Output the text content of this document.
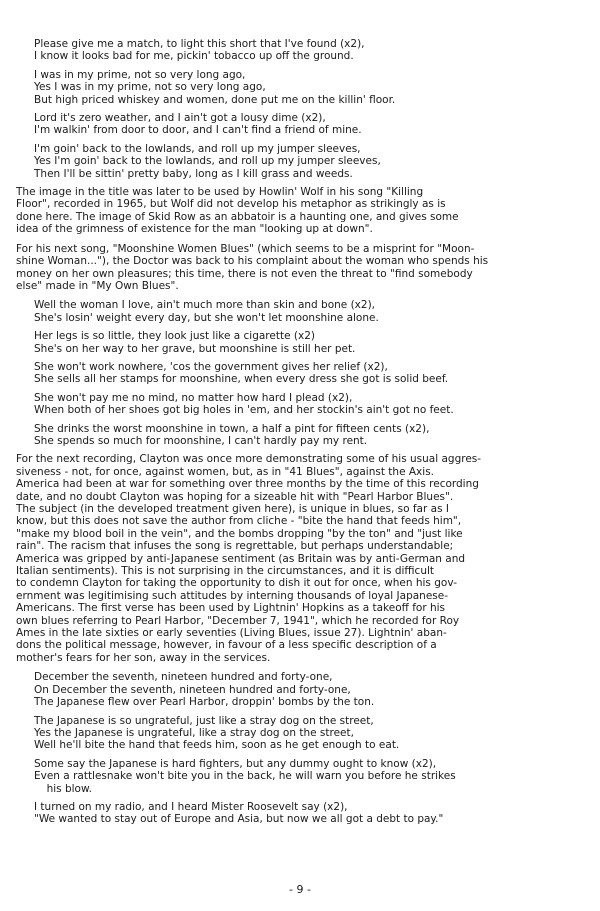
Please give me a match, to light this short that I've found (x2),
I know it looks bad for me, pickin' tobacco up off the ground.
I was in my prime, not so very long ago,
Yes I was in my prime, not so very long ago,
But high priced whiskey and women, done put me on the killin' floor.
Lord it's zero weather, and I ain't got a lousy dime (x2),
I'm walkin' from door to door, and I can't find a friend of mine.
I'm goin' back to the lowlands, and roll up my jumper sleeves,
Yes I'm goin' back to the lowlands, and roll up my jumper sleeves,
Then I'll be sittin' pretty baby, long as I kill grass and weeds.
The image in the title was later to be used by Howlin' Wolf in his song "Killing
Floor", recorded in 1965, but Wolf did not develop his metaphor as strikingly as is
done here. The image of Skid Row as an abbatoir is a haunting one, and gives some
idea of the grimness of existence for the man "looking up at down".
For his next song, "Moonshine Women Blues" (which seems to be a misprint for "Moon-
shine Woman..."), the Doctor was back to his complaint about the woman who spends his
money on her own pleasures; this time, there is not even the threat to "find somebody
else" made in "My Own Blues".
Well the woman I love, ain't much more than skin and bone (x2),
She's losin' weight every day, but she won't let moonshine alone.
Her legs is so little, they look just like a cigarette (x2)
She's on her way to her grave, but moonshine is still her pet.
She won't work nowhere, 'cos the government gives her relief (x2),
She sells all her stamps for moonshine, when every dress she got is solid beef.
She won't pay me no mind, no matter how hard I plead (x2),
When both of her shoes got big holes in 'em, and her stockin's ain't got no feet.
She drinks the worst moonshine in town, a half a pint for fifteen cents (x2),
She spends so much for moonshine, I can't hardly pay my rent.
For the next recording, Clayton was once more demonstrating some of his usual aggres-
siveness - not, for once, against women, but, as in "41 Blues", against the Axis.
America had been at war for something over three months by the time of this recording
date, and no doubt Clayton was hoping for a sizeable hit with "Pearl Harbor Blues".
The subject (in the developed treatment given here), is unique in blues, so far as I
know, but this does not save the author from cliche - "bite the hand that feeds him",
"make my blood boil in the vein", and the bombs dropping "by the ton" and "just like
rain". The racism that infuses the song is regrettable, but perhaps understandable;
America was gripped by anti-Japanese sentiment (as Britain was by anti-German and
Italian sentiments). This is not surprising in the circumstances, and it is difficult
to condemn Clayton for taking the opportunity to dish it out for once, when his gov-
ernment was legitimising such attitudes by interning thousands of loyal Japanese-
Americans. The first verse has been used by Lightnin' Hopkins as a takeoff for his
own blues referring to Pearl Harbor, "December 7, 1941", which he recorded for Roy
Ames in the late sixties or early seventies (Living Blues, issue 27). Lightnin' aban-
dons the political message, however, in favour of a less specific description of a
mother's fears for her son, away in the services.
December the seventh, nineteen hundred and forty-one,
On December the seventh, nineteen hundred and forty-one,
The Japanese flew over Pearl Harbor, droppin' bombs by the ton.
The Japanese is so ungrateful, just like a stray dog on the street,
Yes the Japanese is ungrateful, like a stray dog on the street,
Well he'll bite the hand that feeds him, soon as he get enough to eat.
Some say the Japanese is hard fighters, but any dummy ought to know (x2),
Even a rattlesnake won't bite you in the back, he will warn you before he strikes
his blow.
I turned on my radio, and I heard Mister Roosevelt say (x2),
"We wanted to stay out of Europe and Asia, but now we all got a debt to pay."
- 9 -
